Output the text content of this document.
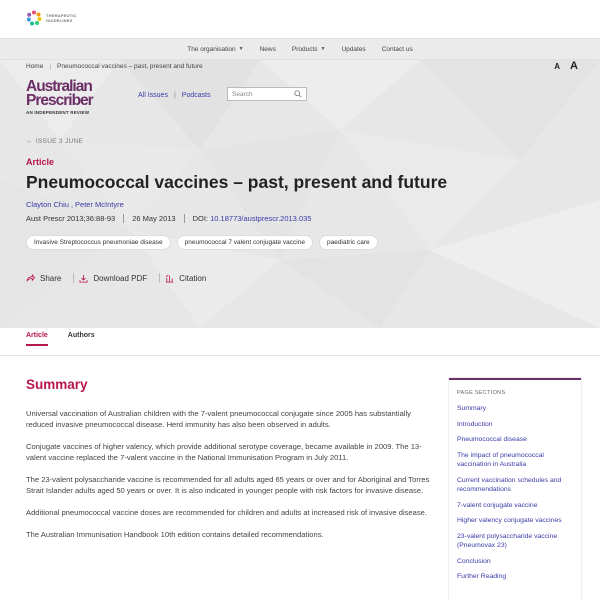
THERAPEUTIC GUIDELINES
The organisation ▼ News Products ▼ Updates Contact us
Home | Pneumococcal vaccines – past, present and future	A A
Australian
Prescriber
AN INDEPENDENT REVIEW
All Issues | Podcasts	Search
← ISSUE 3 JUNE
Article
Pneumococcal vaccines – past, present and future
Clayton Chiu , Peter McIntyre
Aust Prescr 2013;36:88-93 26 May 2013 DOI: 10.18773/austprescr.2013.035
Invasive Streptococcus pneumoniae disease	pneumococcal 7 valent conjugate vaccine	paediatric care
Share	Download PDF	Citation
Article	Authors
Summary

Universal vaccination of Australian children with the 7-valent pneumococcal conjugate since 2005 has substantially reduced invasive pneumococcal disease. Herd immunity has also been observed in adults.

Conjugate vaccines of higher valency, which provide additional serotype coverage, became available in 2009. The 13-valent vaccine replaced the 7-valent vaccine in the National Immunisation Program in July 2011.

The 23-valent polysaccharide vaccine is recommended for all adults aged 65 years or over and for Aboriginal and Torres Strait Islander adults aged 50 years or over. It is also indicated in younger people with risk factors for invasive disease.

Additional pneumococcal vaccine doses are recommended for children and adults at increased risk of invasive disease.

The Australian Immunisation Handbook 10th edition contains detailed recommendations.

PAGE SECTIONS
Summary
Introduction
Pneumococcal disease
The impact of pneumococcal vaccination in Australia
Current vaccination schedules and recommendations
7-valent conjugate vaccine
Higher valency conjugate vaccines
23-valent polysaccharide vaccine (Pneumovax 23)
Conclusion
Further Reading
